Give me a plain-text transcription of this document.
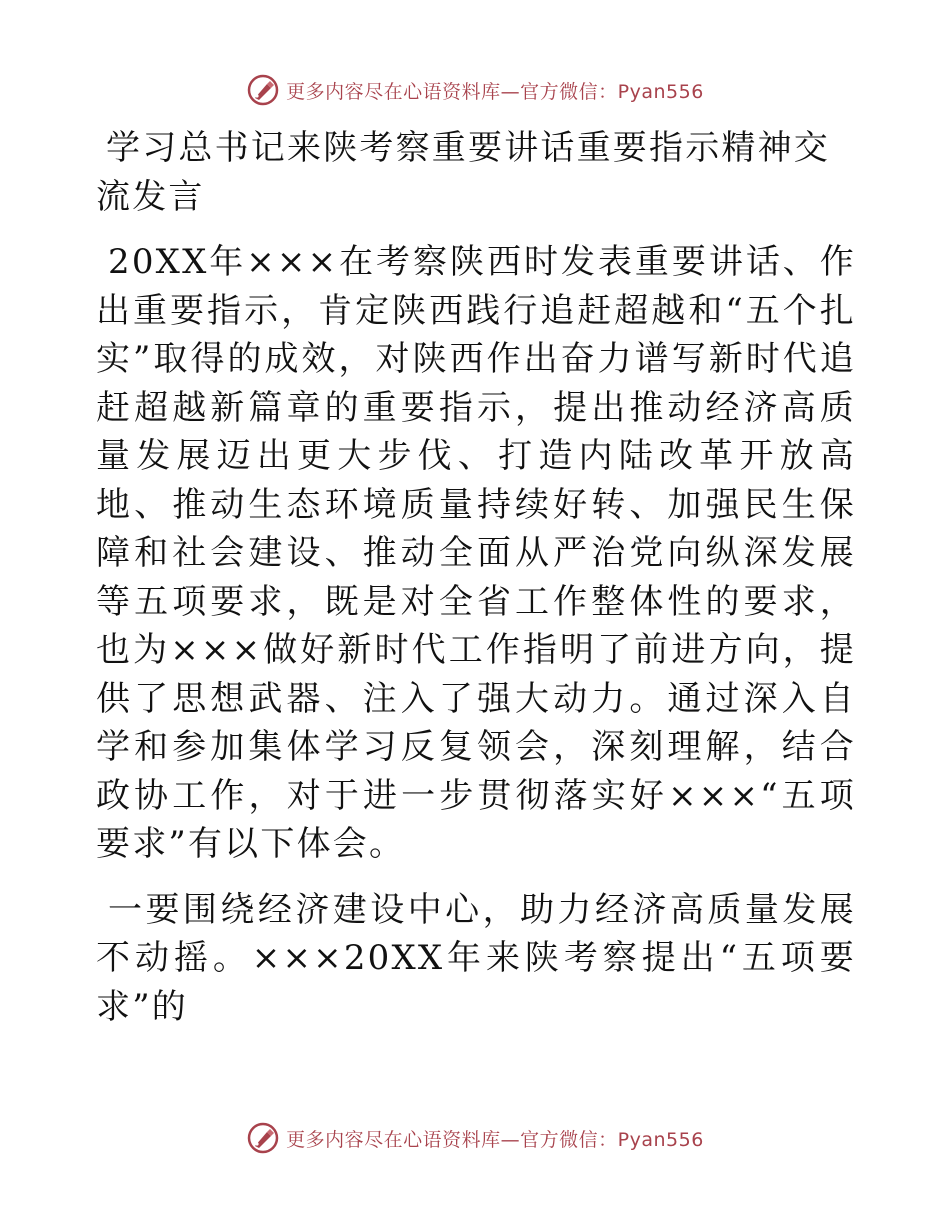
更多内容尽在心语资料库—官方微信：Pyan556
学习总书记来陕考察重要讲话重要指示精神交流发言

20XX年×××在考察陕西时发表重要讲话、作出重要指示，肯定陕西践行追赶超越和“五个扎实”取得的成效，对陕西作出奋力谱写新时代追赶超越新篇章的重要指示，提出推动经济高质量发展迈出更大步伐、打造内陆改革开放高地、推动生态环境质量持续好转、加强民生保障和社会建设、推动全面从严治党向纵深发展等五项要求，既是对全省工作整体性的要求，也为×××做好新时代工作指明了前进方向，提供了思想武器、注入了强大动力。通过深入自学和参加集体学习反复领会，深刻理解，结合政协工作，对于进一步贯彻落实好×××“五项要求”有以下体会。

一要围绕经济建设中心，助力经济高质量发展不动摇。×××20XX年来陕考察提出“五项要求”的

更多内容尽在心语资料库—官方微信：Pyan556
